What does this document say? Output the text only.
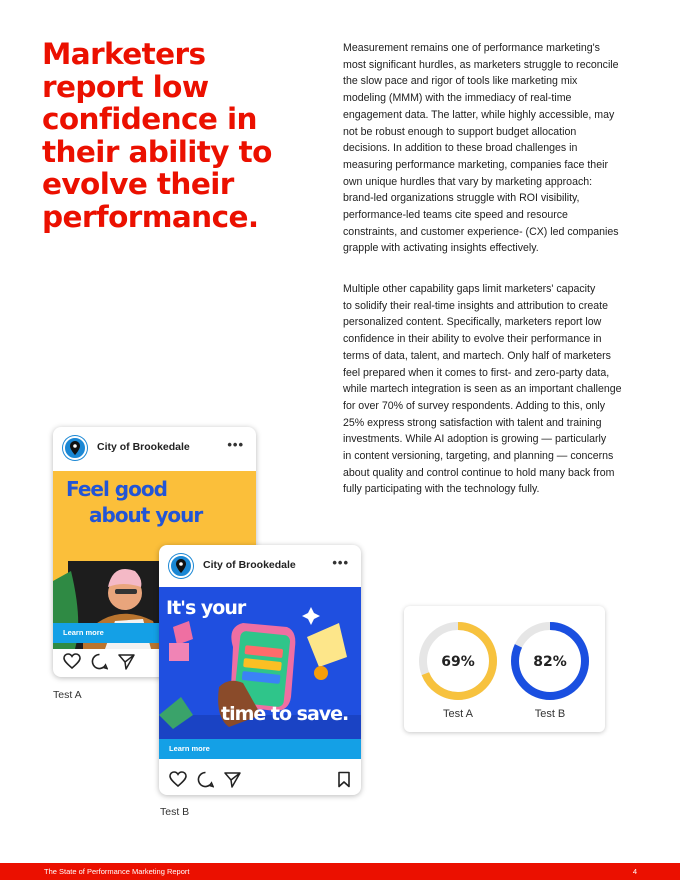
Marketers
report low
confidence in
their ability to
evolve their
performance.
Measurement remains one of performance marketing's
most significant hurdles, as marketers struggle to reconcile
the slow pace and rigor of tools like marketing mix
modeling (MMM) with the immediacy of real-time
engagement data. The latter, while highly accessible, may
not be robust enough to support budget allocation
decisions. In addition to these broad challenges in
measuring performance marketing, companies face their
own unique hurdles that vary by marketing approach:
brand-led organizations struggle with ROI visibility,
performance-led teams cite speed and resource
constraints, and customer experience- (CX) led companies
grapple with activating insights effectively.
Multiple other capability gaps limit marketers' capacity
to solidify their real-time insights and attribution to create
personalized content. Specifically, marketers report low
confidence in their ability to evolve their performance in
terms of data, talent, and martech. Only half of marketers
feel prepared when it comes to first- and zero-party data,
while martech integration is seen as an important challenge
for over 70% of survey respondents. Adding to this, only
25% express strong satisfaction with talent and training
investments. While AI adoption is growing — particularly
in content versioning, targeting, and planning — concerns
about quality and control continue to hold many back from
fully participating with the technology fully.
City of Brookedale	•••
Feel good
about your
Learn more
Test A
City of Brookedale	•••
It's your
time to save.
Learn more
Test B
69%
Test A
82%
Test B
The State of Performance Marketing Report	4
